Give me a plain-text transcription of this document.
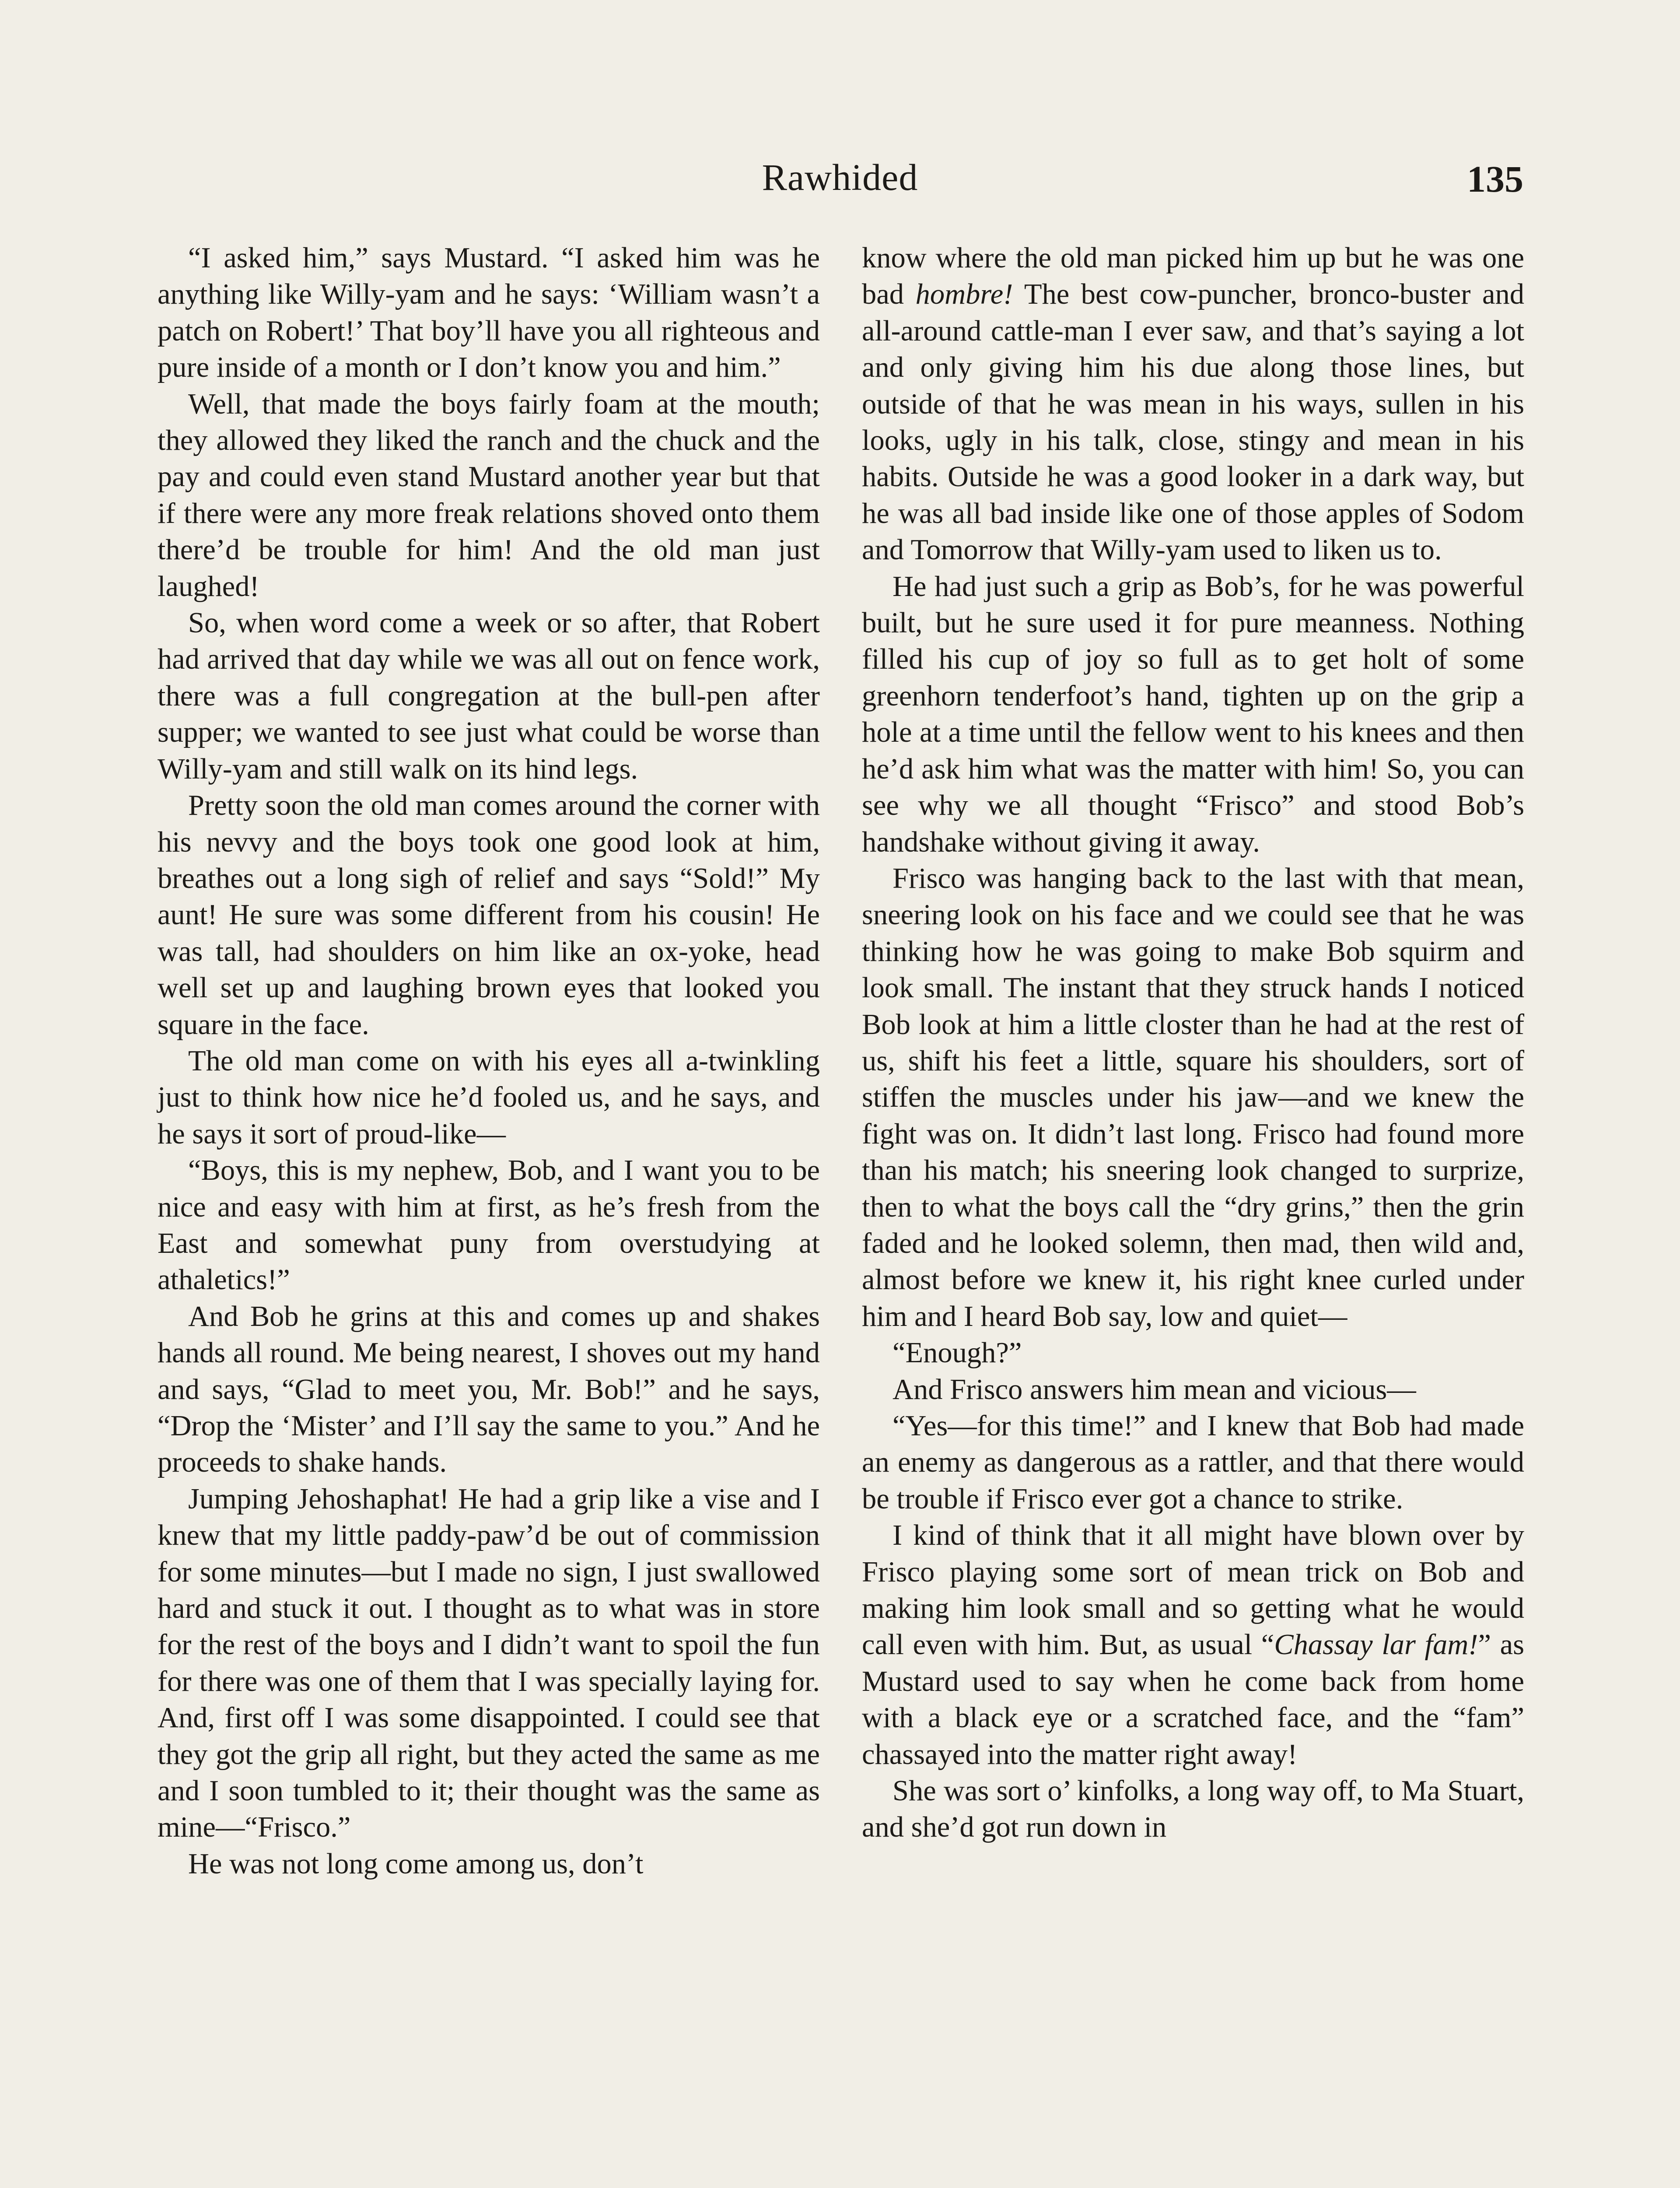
Rawhided	135

“I asked him,” says Mustard. “I asked him was he anything like Willy-yam and he says: ‘William wasn’t a patch on Robert!’ That boy’ll have you all righteous and pure inside of a month or I don’t know you and him.”

Well, that made the boys fairly foam at the mouth; they allowed they liked the ranch and the chuck and the pay and could even stand Mustard another year but that if there were any more freak relations shoved onto them there’d be trouble for him! And the old man just laughed!

So, when word come a week or so after, that Robert had arrived that day while we was all out on fence work, there was a full congregation at the bull-pen after supper; we wanted to see just what could be worse than Willy-yam and still walk on its hind legs.

Pretty soon the old man comes around the corner with his nevvy and the boys took one good look at him, breathes out a long sigh of relief and says “Sold!” My aunt! He sure was some different from his cousin! He was tall, had shoulders on him like an ox-yoke, head well set up and laughing brown eyes that looked you square in the face.

The old man come on with his eyes all a-twinkling just to think how nice he’d fooled us, and he says, and he says it sort of proud-like—

“Boys, this is my nephew, Bob, and I want you to be nice and easy with him at first, as he’s fresh from the East and somewhat puny from overstudying at athaletics!”

And Bob he grins at this and comes up and shakes hands all round. Me being nearest, I shoves out my hand and says, “Glad to meet you, Mr. Bob!” and he says, “Drop the ‘Mister’ and I’ll say the same to you.” And he proceeds to shake hands.

Jumping Jehoshaphat! He had a grip like a vise and I knew that my little paddy-paw’d be out of commission for some minutes—but I made no sign, I just swallowed hard and stuck it out. I thought as to what was in store for the rest of the boys and I didn’t want to spoil the fun for there was one of them that I was specially laying for. And, first off I was some disappointed. I could see that they got the grip all right, but they acted the same as me and I soon tumbled to it; their thought was the same as mine—“Frisco.”

He was not long come among us, don’t

know where the old man picked him up but he was one bad hombre! The best cow-puncher, bronco-buster and all-around cattle-man I ever saw, and that’s saying a lot and only giving him his due along those lines, but outside of that he was mean in his ways, sullen in his looks, ugly in his talk, close, stingy and mean in his habits. Outside he was a good looker in a dark way, but he was all bad inside like one of those apples of Sodom and Tomorrow that Willy-yam used to liken us to.

He had just such a grip as Bob’s, for he was powerful built, but he sure used it for pure meanness. Nothing filled his cup of joy so full as to get holt of some greenhorn tenderfoot’s hand, tighten up on the grip a hole at a time until the fellow went to his knees and then he’d ask him what was the matter with him! So, you can see why we all thought “Frisco” and stood Bob’s handshake without giving it away.

Frisco was hanging back to the last with that mean, sneering look on his face and we could see that he was thinking how he was going to make Bob squirm and look small. The instant that they struck hands I noticed Bob look at him a little closter than he had at the rest of us, shift his feet a little, square his shoulders, sort of stiffen the muscles under his jaw—and we knew the fight was on. It didn’t last long. Frisco had found more than his match; his sneering look changed to surprize, then to what the boys call the “dry grins,” then the grin faded and he looked solemn, then mad, then wild and, almost before we knew it, his right knee curled under him and I heard Bob say, low and quiet—

“Enough?”

And Frisco answers him mean and vicious—

“Yes—for this time!” and I knew that Bob had made an enemy as dangerous as a rattler, and that there would be trouble if Frisco ever got a chance to strike.

I kind of think that it all might have blown over by Frisco playing some sort of mean trick on Bob and making him look small and so getting what he would call even with him. But, as usual “Chassay lar fam!” as Mustard used to say when he come back from home with a black eye or a scratched face, and the “fam” chassayed into the matter right away!

She was sort o’ kinfolks, a long way off, to Ma Stuart, and she’d got run down in
